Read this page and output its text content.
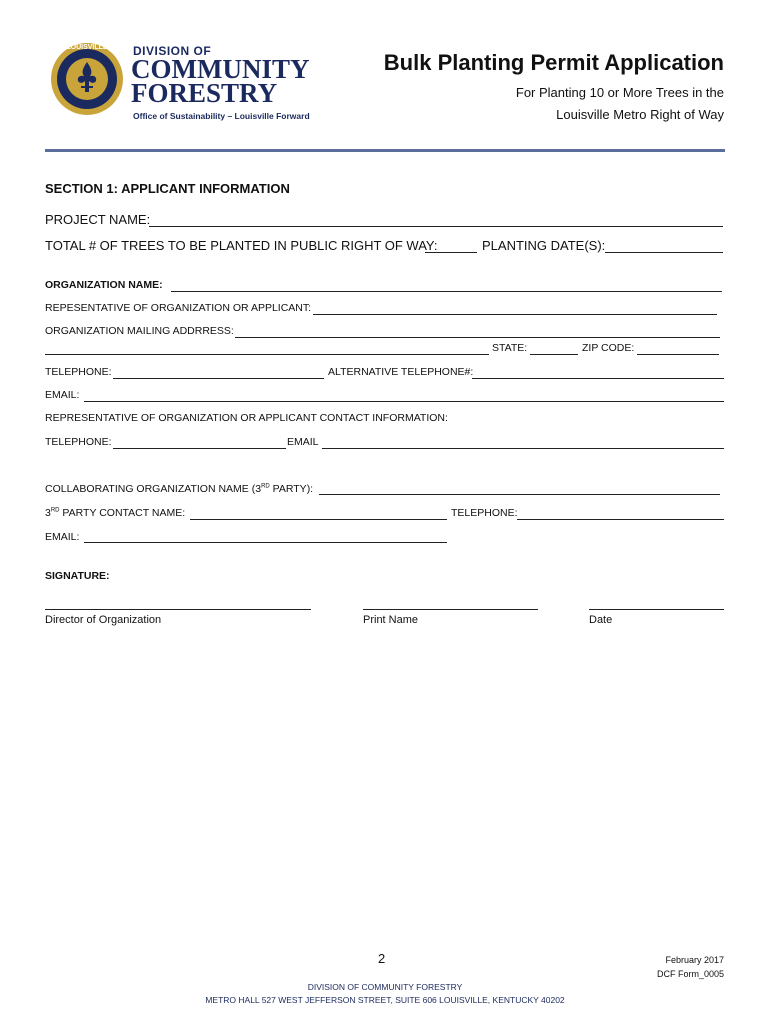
LOUISVILLE	DIVISION OF
COMMUNITY
FORESTRY
Office of Sustainability – Louisville Forward
Bulk Planting Permit Application
For Planting 10 or More Trees in the
Louisville Metro Right of Way
SECTION 1: APPLICANT INFORMATION
PROJECT NAME:
TOTAL # OF TREES TO BE PLANTED IN PUBLIC RIGHT OF WAY:	PLANTING DATE(S):
ORGANIZATION NAME:
REPESENTATIVE OF ORGANIZATION OR APPLICANT:
ORGANIZATION MAILING ADDRRESS:
STATE:	ZIP CODE:
TELEPHONE:	ALTERNATIVE TELEPHONE#:
EMAIL:
REPRESENTATIVE OF ORGANIZATION OR APPLICANT CONTACT INFORMATION:
TELEPHONE:	EMAIL
COLLABORATING ORGANIZATION NAME (3RD PARTY):
3RD PARTY CONTACT NAME:	TELEPHONE:
EMAIL:
SIGNATURE:
Director of Organization	Print Name	Date
2	February 2017
DCF Form_0005
DIVISION OF COMMUNITY FORESTRY
METRO HALL 527 WEST JEFFERSON STREET, SUITE 606 LOUISVILLE, KENTUCKY 40202
